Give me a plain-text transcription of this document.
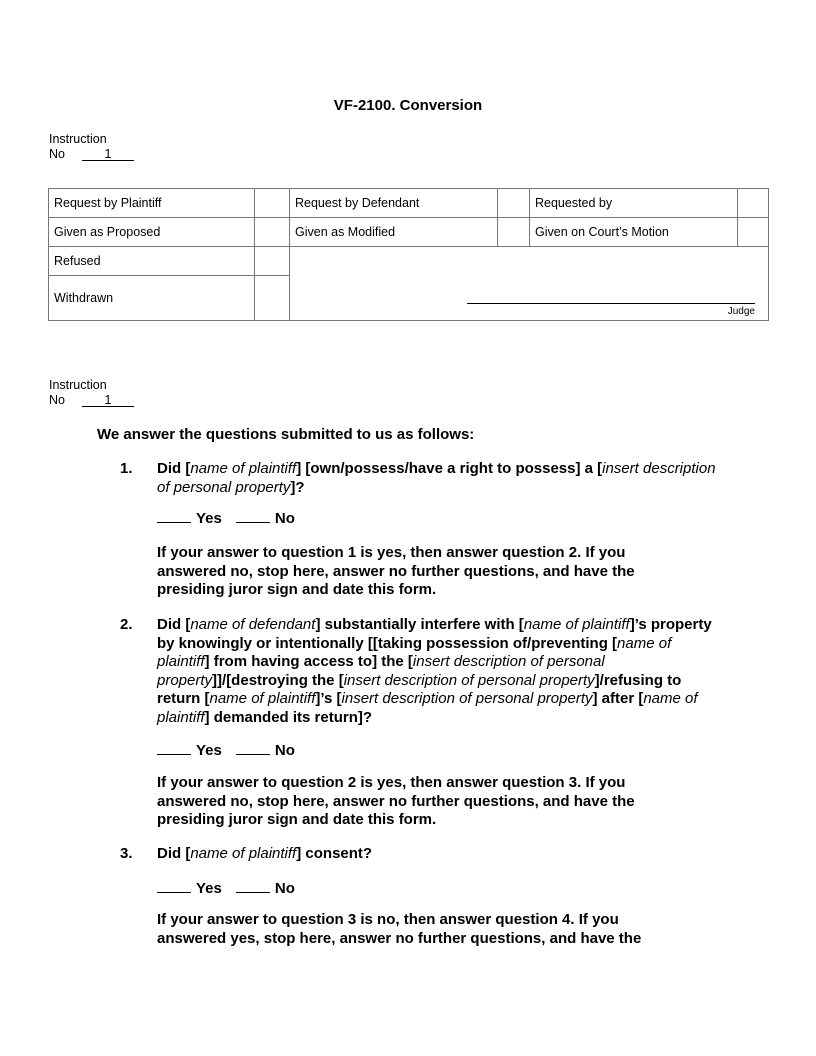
VF-2100. Conversion
Instruction
No	1
Request by Plaintiff		Request by Defendant		Requested by	
Given as Proposed		Given as Modified		Given on Court’s Motion	
Refused		Judge			

Withdrawn					
Instruction
No	1
We answer the questions submitted to us as follows:
1. Did [name of plaintiff] [own/possess/have a right to possess] a [insert description of personal property]?
Yes	No
If your answer to question 1 is yes, then answer question 2. If you answered no, stop here, answer no further questions, and have the presiding juror sign and date this form.
2. Did [name of defendant] substantially interfere with [name of plaintiff]’s property by knowingly or intentionally [[taking possession of/preventing [name of plaintiff] from having access to] the [insert description of personal property]]/[destroying the [insert description of personal property]/refusing to return [name of plaintiff]’s [insert description of personal property] after [name of plaintiff] demanded its return]?
Yes	No
If your answer to question 2 is yes, then answer question 3. If you answered no, stop here, answer no further questions, and have the presiding juror sign and date this form.
3. Did [name of plaintiff] consent?
Yes	No
If your answer to question 3 is no, then answer question 4. If you answered yes, stop here, answer no further questions, and have the
